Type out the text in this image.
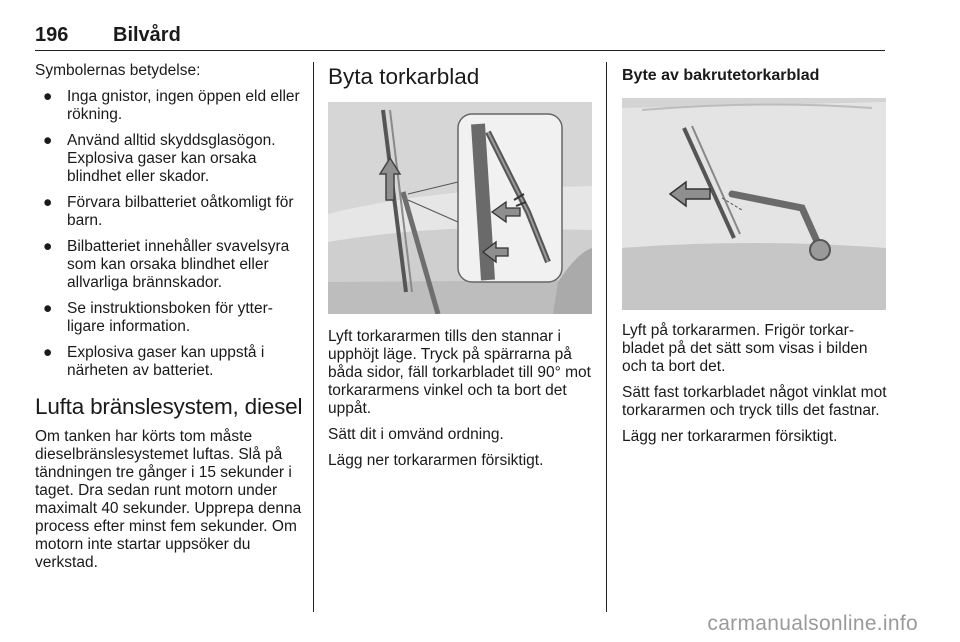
196 Bilvård

Symbolernas betydelse:

● Inga gnistor, ingen öppen eld eller rökning.
● Använd alltid skyddsglasögon. Explosiva gaser kan orsaka blindhet eller skador.
● Förvara bilbatteriet oåtkomligt för barn.
● Bilbatteriet innehåller svavelsyra som kan orsaka blindhet eller allvarliga brännskador.
● Se instruktionsboken för ytter-ligare information.
● Explosiva gaser kan uppstå i närheten av batteriet.
Lufta bränslesystem, diesel

Om tanken har körts tom måste dieselbränslesystemet luftas. Slå på tändningen tre gånger i 15 sekunder i taget. Dra sedan runt motorn under maximalt 40 sekunder. Upprepa denna process efter minst fem sekunder. Om motorn inte startar uppsöker du verkstad.

Byta torkarblad

Lyft torkararmen tills den stannar i upphöjt läge. Tryck på spärrarna på båda sidor, fäll torkarbladet till 90° mot torkararmens vinkel och ta bort det uppåt.

Sätt dit i omvänd ordning.

Lägg ner torkararmen försiktigt.

Byte av bakrutetorkarblad

Lyft på torkararmen. Frigör torkar-bladet på det sätt som visas i bilden och ta bort det.

Sätt fast torkarbladet något vinklat mot torkararmen och tryck tills det fastnar.

Lägg ner torkararmen försiktigt.

carmanualsonline.info
